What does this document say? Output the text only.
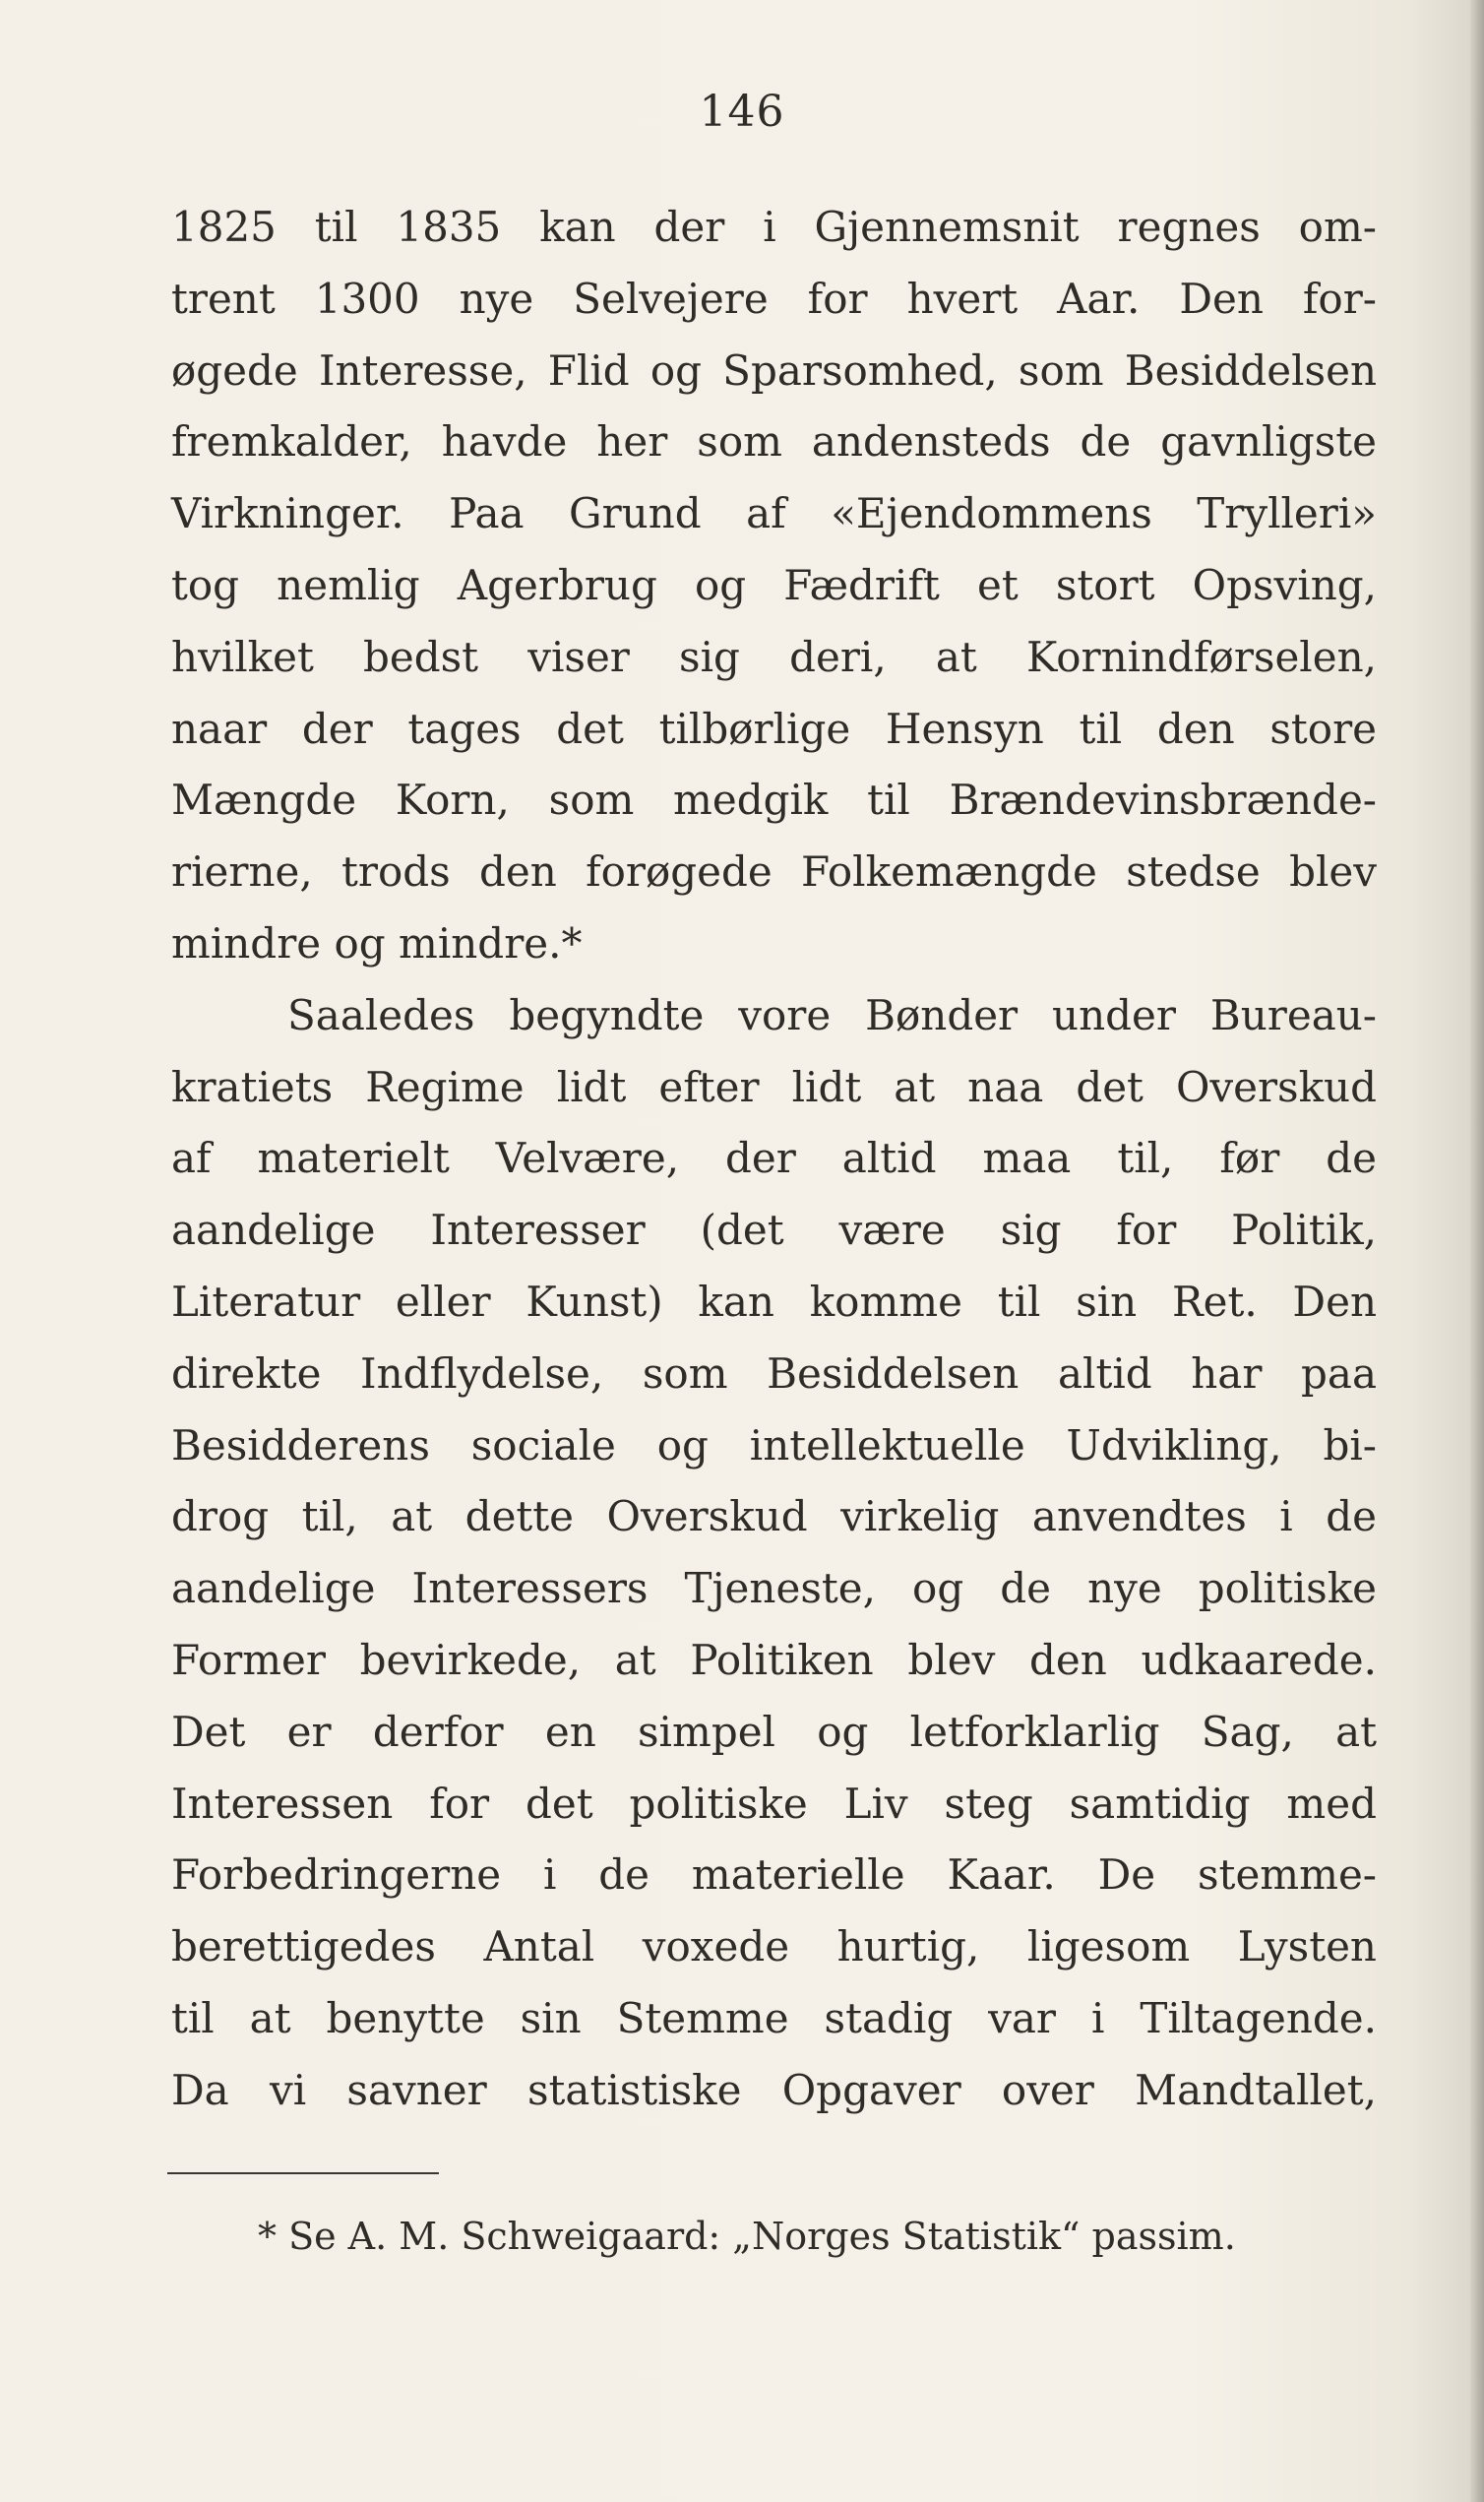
146
1825 til 1835 kan der i Gjennemsnit regnes om-
trent 1300 nye Selvejere for hvert Aar. Den for-
øgede Interesse, Flid og Sparsomhed, som Besiddelsen
fremkalder, havde her som andensteds de gavnligste
Virkninger. Paa Grund af «Ejendommens Trylleri»
tog nemlig Agerbrug og Fædrift et stort Opsving,
hvilket bedst viser sig deri, at Kornindførselen,
naar der tages det tilbørlige Hensyn til den store
Mængde Korn, som medgik til Brændevinsbrænde-
rierne, trods den forøgede Folkemængde stedse blev
mindre og mindre.*
Saaledes begyndte vore Bønder under Bureau-
kratiets Regime lidt efter lidt at naa det Overskud
af materielt Velvære, der altid maa til, før de
aandelige Interesser (det være sig for Politik,
Literatur eller Kunst) kan komme til sin Ret. Den
direkte Indflydelse, som Besiddelsen altid har paa
Besidderens sociale og intellektuelle Udvikling, bi-
drog til, at dette Overskud virkelig anvendtes i de
aandelige Interessers Tjeneste, og de nye politiske
Former bevirkede, at Politiken blev den udkaarede.
Det er derfor en simpel og letforklarlig Sag, at
Interessen for det politiske Liv steg samtidig med
Forbedringerne i de materielle Kaar. De stemme-
berettigedes Antal voxede hurtig, ligesom Lysten
til at benytte sin Stemme stadig var i Tiltagende.
Da vi savner statistiske Opgaver over Mandtallet,
* Se A. M. Schweigaard: „Norges Statistik“ passim.
